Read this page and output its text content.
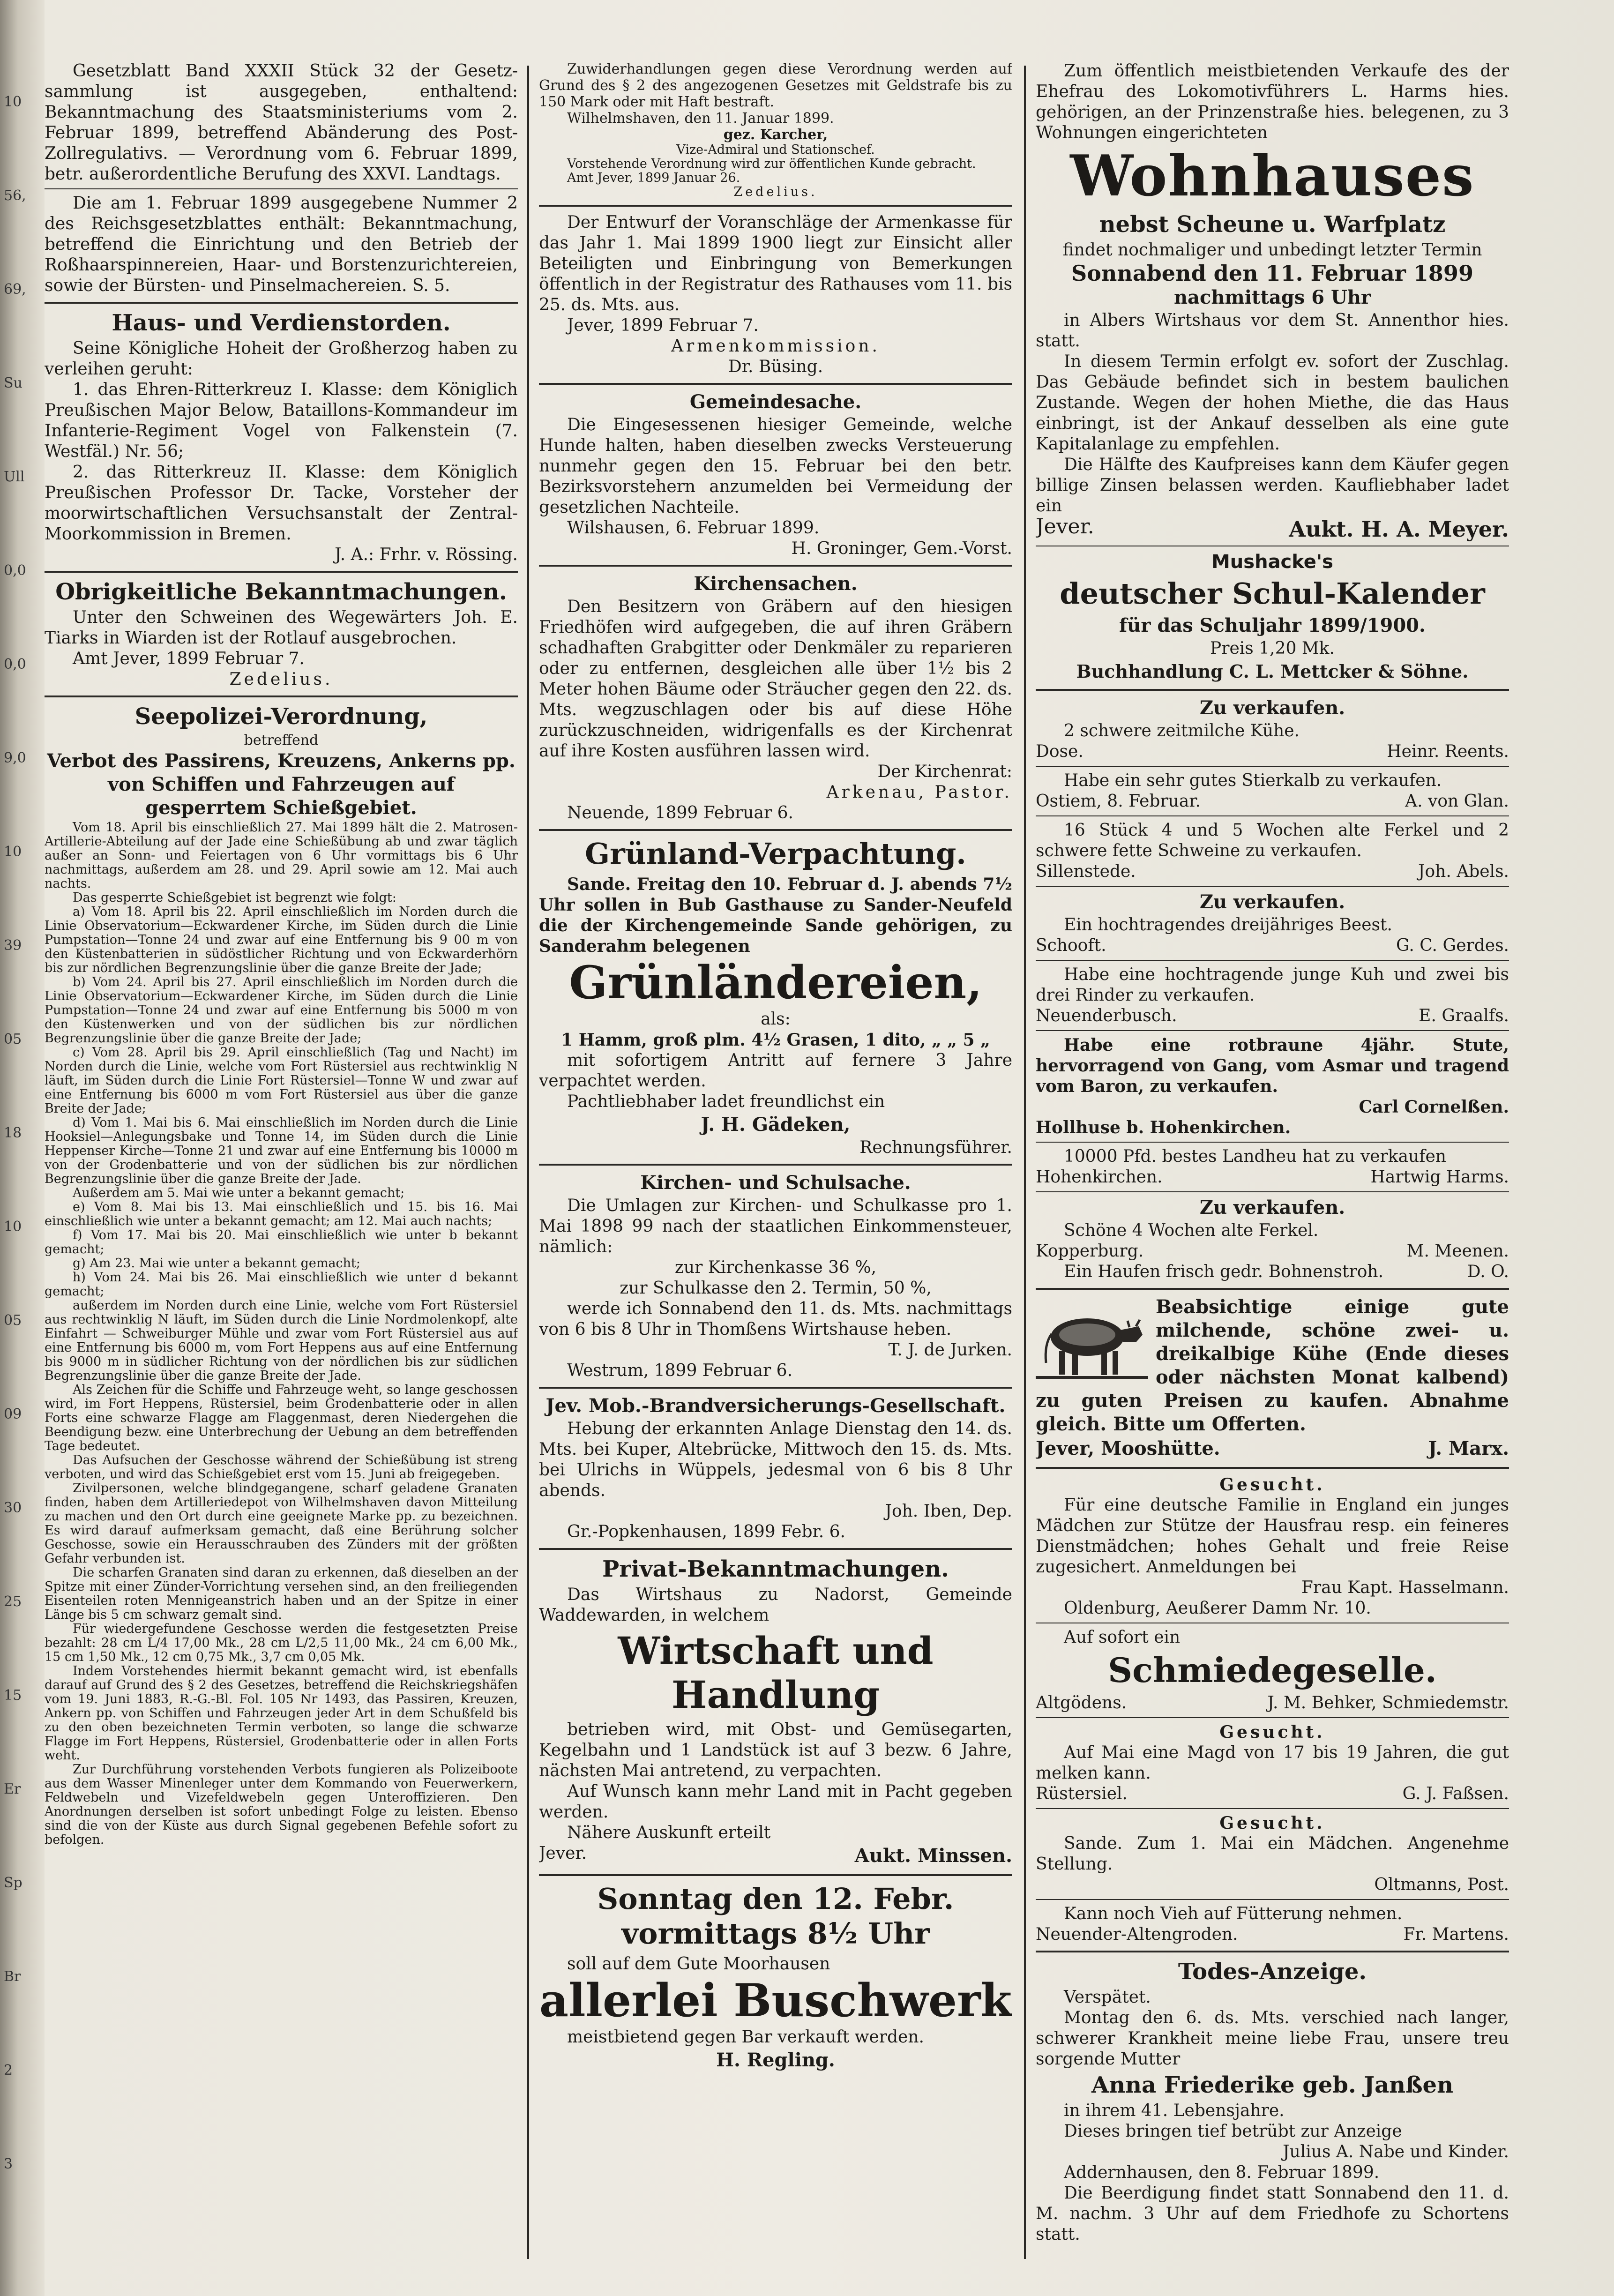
10
56,
69,
Su
Ull
0,0
0,0
9,0
10
39
05
18
10
05
09
30
25
15
Er
Sp
Br
2
3

Gesetzblatt Band XXXII Stück 32 der Gesetz-sammlung ist ausgegeben, enthaltend: Bekanntmachung des Staatsministeriums vom 2. Februar 1899, betreffend Abänderung des Post-Zollregulativs. — Verordnung vom 6. Februar 1899, betr. außerordentliche Berufung des XXVI. Landtags.

Die am 1. Februar 1899 ausgegebene Nummer 2 des Reichsgesetzblattes enthält: Bekanntmachung, betreffend die Einrichtung und den Betrieb der Roßhaarspinnereien, Haar- und Borstenzurichtereien, sowie der Bürsten- und Pinselmachereien. S. 5.

Haus- und Verdienstorden.

Seine Königliche Hoheit der Großherzog haben zu verleihen geruht:

1. das Ehren-Ritterkreuz I. Klasse: dem Königlich Preußischen Major Below, Bataillons-Kommandeur im Infanterie-Regiment Vogel von Falkenstein (7. Westfäl.) Nr. 56;

2. das Ritterkreuz II. Klasse: dem Königlich Preußischen Professor Dr. Tacke, Vorsteher der moorwirtschaftlichen Versuchsanstalt der Zentral-Moorkommission in Bremen.

J. A.: Frhr. v. Rössing.

Obrigkeitliche Bekanntmachungen.

Unter den Schweinen des Wegewärters Joh. E. Tiarks in Wiarden ist der Rotlauf ausgebrochen.

Amt Jever, 1899 Februar 7.

Zedelius.

Seepolizei-Verordnung,

betreffend

Verbot des Passirens, Kreuzens, Ankerns pp. von Schiffen und Fahrzeugen auf gesperrtem Schießgebiet.

Vom 18. April bis einschließlich 27. Mai 1899 hält die 2. Matrosen-Artillerie-Abteilung auf der Jade eine Schießübung ab und zwar täglich außer an Sonn- und Feiertagen von 6 Uhr vormittags bis 6 Uhr nachmittags, außerdem am 28. und 29. April sowie am 12. Mai auch nachts.

Das gesperrte Schießgebiet ist begrenzt wie folgt:

a) Vom 18. April bis 22. April einschließlich im Norden durch die Linie Observatorium—Eckwardener Kirche, im Süden durch die Linie Pumpstation—Tonne 24 und zwar auf eine Entfernung bis 9 00 m von den Küstenbatterien in südöstlicher Richtung und von Eckwarderhörn bis zur nördlichen Begrenzungslinie über die ganze Breite der Jade;

b) Vom 24. April bis 27. April einschließlich im Norden durch die Linie Observatorium—Eckwardener Kirche, im Süden durch die Linie Pumpstation—Tonne 24 und zwar auf eine Entfernung bis 5000 m von den Küstenwerken und von der südlichen bis zur nördlichen Begrenzungslinie über die ganze Breite der Jade;

c) Vom 28. April bis 29. April einschließlich (Tag und Nacht) im Norden durch die Linie, welche vom Fort Rüstersiel aus rechtwinklig N läuft, im Süden durch die Linie Fort Rüstersiel—Tonne W und zwar auf eine Entfernung bis 6000 m vom Fort Rüstersiel aus über die ganze Breite der Jade;

d) Vom 1. Mai bis 6. Mai einschließlich im Norden durch die Linie Hooksiel—Anlegungsbake und Tonne 14, im Süden durch die Linie Heppenser Kirche—Tonne 21 und zwar auf eine Entfernung bis 10000 m von der Grodenbatterie und von der südlichen bis zur nördlichen Begrenzungslinie über die ganze Breite der Jade.

Außerdem am 5. Mai wie unter a bekannt gemacht;

e) Vom 8. Mai bis 13. Mai einschließlich und 15. bis 16. Mai einschließlich wie unter a bekannt gemacht; am 12. Mai auch nachts;

f) Vom 17. Mai bis 20. Mai einschließlich wie unter b bekannt gemacht;

g) Am 23. Mai wie unter a bekannt gemacht;

h) Vom 24. Mai bis 26. Mai einschließlich wie unter d bekannt gemacht;

außerdem im Norden durch eine Linie, welche vom Fort Rüstersiel aus rechtwinklig N läuft, im Süden durch die Linie Nordmolenkopf, alte Einfahrt — Schweiburger Mühle und zwar vom Fort Rüstersiel aus auf eine Entfernung bis 6000 m, vom Fort Heppens aus auf eine Entfernung bis 9000 m in südlicher Richtung von der nördlichen bis zur südlichen Begrenzungslinie über die ganze Breite der Jade.

Als Zeichen für die Schiffe und Fahrzeuge weht, so lange geschossen wird, im Fort Heppens, Rüstersiel, beim Grodenbatterie oder in allen Forts eine schwarze Flagge am Flaggenmast, deren Niedergehen die Beendigung bezw. eine Unterbrechung der Uebung an dem betreffenden Tage bedeutet.

Das Aufsuchen der Geschosse während der Schießübung ist streng verboten, und wird das Schießgebiet erst vom 15. Juni ab freigegeben.

Zivilpersonen, welche blindgegangene, scharf geladene Granaten finden, haben dem Artilleriedepot von Wilhelmshaven davon Mitteilung zu machen und den Ort durch eine geeignete Marke pp. zu bezeichnen. Es wird darauf aufmerksam gemacht, daß eine Berührung solcher Geschosse, sowie ein Herausschrauben des Zünders mit der größten Gefahr verbunden ist.

Die scharfen Granaten sind daran zu erkennen, daß dieselben an der Spitze mit einer Zünder-Vorrichtung versehen sind, an den freiliegenden Eisenteilen roten Mennigeanstrich haben und an der Spitze in einer Länge bis 5 cm schwarz gemalt sind.

Für wiedergefundene Geschosse werden die festgesetzten Preise bezahlt: 28 cm L/4 17,00 Mk., 28 cm L/2,5 11,00 Mk., 24 cm 6,00 Mk., 15 cm 1,50 Mk., 12 cm 0,75 Mk., 3,7 cm 0,05 Mk.

Indem Vorstehendes hiermit bekannt gemacht wird, ist ebenfalls darauf auf Grund des § 2 des Gesetzes, betreffend die Reichskriegshäfen vom 19. Juni 1883, R.-G.-Bl. Fol. 105 Nr 1493, das Passiren, Kreuzen, Ankern pp. von Schiffen und Fahrzeugen jeder Art in dem Schußfeld bis zu den oben bezeichneten Termin verboten, so lange die schwarze Flagge im Fort Heppens, Rüstersiel, Grodenbatterie oder in allen Forts weht.

Zur Durchführung vorstehenden Verbots fungieren als Polizeiboote aus dem Wasser Minenleger unter dem Kommando von Feuerwerkern, Feldwebeln und Vizefeldwebeln gegen Unteroffizieren. Den Anordnungen derselben ist sofort unbedingt Folge zu leisten. Ebenso sind die von der Küste aus durch Signal gegebenen Befehle sofort zu befolgen.

Zuwiderhandlungen gegen diese Verordnung werden auf Grund des § 2 des angezogenen Gesetzes mit Geldstrafe bis zu 150 Mark oder mit Haft bestraft.

Wilhelmshaven, den 11. Januar 1899.

gez. Karcher,

Vize-Admiral und Stationschef.

Vorstehende Verordnung wird zur öffentlichen Kunde gebracht.

Amt Jever, 1899 Januar 26.

Zedelius.

Der Entwurf der Voranschläge der Armenkasse für das Jahr 1. Mai 1899 1900 liegt zur Einsicht aller Beteiligten und Einbringung von Bemerkungen öffentlich in der Registratur des Rathauses vom 11. bis 25. ds. Mts. aus.

Jever, 1899 Februar 7.

Armenkommission.

Dr. Büsing.

Gemeindesache.

Die Eingesessenen hiesiger Gemeinde, welche Hunde halten, haben dieselben zwecks Versteuerung nunmehr gegen den 15. Februar bei den betr. Bezirksvorstehern anzumelden bei Vermeidung der gesetzlichen Nachteile.

Wilshausen, 6. Februar 1899.

H. Groninger, Gem.-Vorst.

Kirchensachen.

Den Besitzern von Gräbern auf den hiesigen Friedhöfen wird aufgegeben, die auf ihren Gräbern schadhaften Grabgitter oder Denkmäler zu reparieren oder zu entfernen, desgleichen alle über 1½ bis 2 Meter hohen Bäume oder Sträucher gegen den 22. ds. Mts. wegzuschlagen oder bis auf diese Höhe zurückzuschneiden, widrigenfalls es der Kirchenrat auf ihre Kosten ausführen lassen wird.

Der Kirchenrat:

Arkenau, Pastor.

Neuende, 1899 Februar 6.

Grünland-Verpachtung.

Sande. Freitag den 10. Februar d. J. abends 7½ Uhr sollen in Bub Gasthause zu Sander-Neufeld die der Kirchengemeinde Sande gehörigen, zu Sanderahm belegenen

Grünländereien,

als:

1 Hamm, groß plm. 4½ Grasen, 1 dito, „ „ 5 „

mit sofortigem Antritt auf fernere 3 Jahre verpachtet werden.

Pachtliebhaber ladet freundlichst ein

J. H. Gädeken,

Rechnungsführer.

Kirchen- und Schulsache.

Die Umlagen zur Kirchen- und Schulkasse pro 1. Mai 1898 99 nach der staatlichen Einkommensteuer, nämlich:

zur Kirchenkasse 36 %,

zur Schulkasse den 2. Termin, 50 %,

werde ich Sonnabend den 11. ds. Mts. nachmittags von 6 bis 8 Uhr in Thomßens Wirtshause heben.

T. J. de Jurken.

Westrum, 1899 Februar 6.

Jev. Mob.-Brandversicherungs-Gesellschaft.

Hebung der erkannten Anlage Dienstag den 14. ds. Mts. bei Kuper, Altebrücke, Mittwoch den 15. ds. Mts. bei Ulrichs in Wüppels, jedesmal von 6 bis 8 Uhr abends.

Joh. Iben, Dep.

Gr.-Popkenhausen, 1899 Febr. 6.

Privat-Bekanntmachungen.

Das Wirtshaus zu Nadorst, Gemeinde Waddewarden, in welchem

Wirtschaft und Handlung

betrieben wird, mit Obst- und Gemüsegarten, Kegelbahn und 1 Landstück ist auf 3 bezw. 6 Jahre, nächsten Mai antretend, zu verpachten.

Auf Wunsch kann mehr Land mit in Pacht gegeben werden.

Nähere Auskunft erteilt

Jever.	Aukt. Minssen.

Sonntag den 12. Febr. vormittags 8½ Uhr

soll auf dem Gute Moorhausen

allerlei Buschwerk

meistbietend gegen Bar verkauft werden.

H. Regling.

Zum öffentlich meistbietenden Verkaufe des der Ehefrau des Lokomotivführers L. Harms hies. gehörigen, an der Prinzenstraße hies. belegenen, zu 3 Wohnungen eingerichteten

Wohnhauses

nebst Scheune u. Warfplatz

findet nochmaliger und unbedingt letzter Termin

Sonnabend den 11. Februar 1899

nachmittags 6 Uhr

in Albers Wirtshaus vor dem St. Annenthor hies. statt.

In diesem Termin erfolgt ev. sofort der Zuschlag. Das Gebäude befindet sich in bestem baulichen Zustande. Wegen der hohen Miethe, die das Haus einbringt, ist der Ankauf desselben als eine gute Kapitalanlage zu empfehlen.

Die Hälfte des Kaufpreises kann dem Käufer gegen billige Zinsen belassen werden. Kaufliebhaber ladet ein

Jever.	Aukt. H. A. Meyer.

Mushacke's

deutscher Schul-Kalender

für das Schuljahr 1899/1900.

Preis 1,20 Mk.

Buchhandlung C. L. Mettcker & Söhne.

Zu verkaufen.

2 schwere zeitmilche Kühe.

Dose.	Heinr. Reents.

Habe ein sehr gutes Stierkalb zu verkaufen.

Ostiem, 8. Februar.	A. von Glan.

16 Stück 4 und 5 Wochen alte Ferkel und 2 schwere fette Schweine zu verkaufen.

Sillenstede.	Joh. Abels.

Zu verkaufen.

Ein hochtragendes dreijähriges Beest.

Schooft.	G. C. Gerdes.

Habe eine hochtragende junge Kuh und zwei bis drei Rinder zu verkaufen.

Neuenderbusch.	E. Graalfs.

Habe eine rotbraune 4jähr. Stute, hervorragend von Gang, vom Asmar und tragend vom Baron, zu verkaufen.

Carl Cornelßen.

Hollhuse b. Hohenkirchen.

10000 Pfd. bestes Landheu hat zu verkaufen

Hohenkirchen.	Hartwig Harms.

Zu verkaufen.

Schöne 4 Wochen alte Ferkel.

Kopperburg.	M. Meenen.

Ein Haufen frisch gedr. Bohnenstroh.	D. O.

Beabsichtige einige gute milchende, schöne zwei- u. dreikalbige Kühe (Ende dieses oder nächsten Monat kalbend) zu guten Preisen zu kaufen. Abnahme gleich. Bitte um Offerten.

Jever, Mooshütte.	J. Marx.

Gesucht.

Für eine deutsche Familie in England ein junges Mädchen zur Stütze der Hausfrau resp. ein feineres Dienstmädchen; hohes Gehalt und freie Reise zugesichert. Anmeldungen bei

Frau Kapt. Hasselmann.

Oldenburg, Aeußerer Damm Nr. 10.

Auf sofort ein

Schmiedegeselle.

Altgödens.	J. M. Behker, Schmiedemstr.

Gesucht.

Auf Mai eine Magd von 17 bis 19 Jahren, die gut melken kann.

Rüstersiel.	G. J. Faßsen.

Gesucht.

Sande. Zum 1. Mai ein Mädchen. Angenehme Stellung.

Oltmanns, Post.

Kann noch Vieh auf Fütterung nehmen.

Neuender-Altengroden.	Fr. Martens.

Todes-Anzeige.

Verspätet.

Montag den 6. ds. Mts. verschied nach langer, schwerer Krankheit meine liebe Frau, unsere treu sorgende Mutter

Anna Friederike geb. Janßen

in ihrem 41. Lebensjahre.

Dieses bringen tief betrübt zur Anzeige

Julius A. Nabe und Kinder.

Addernhausen, den 8. Februar 1899.

Die Beerdigung findet statt Sonnabend den 11. d. M. nachm. 3 Uhr auf dem Friedhofe zu Schortens statt.
